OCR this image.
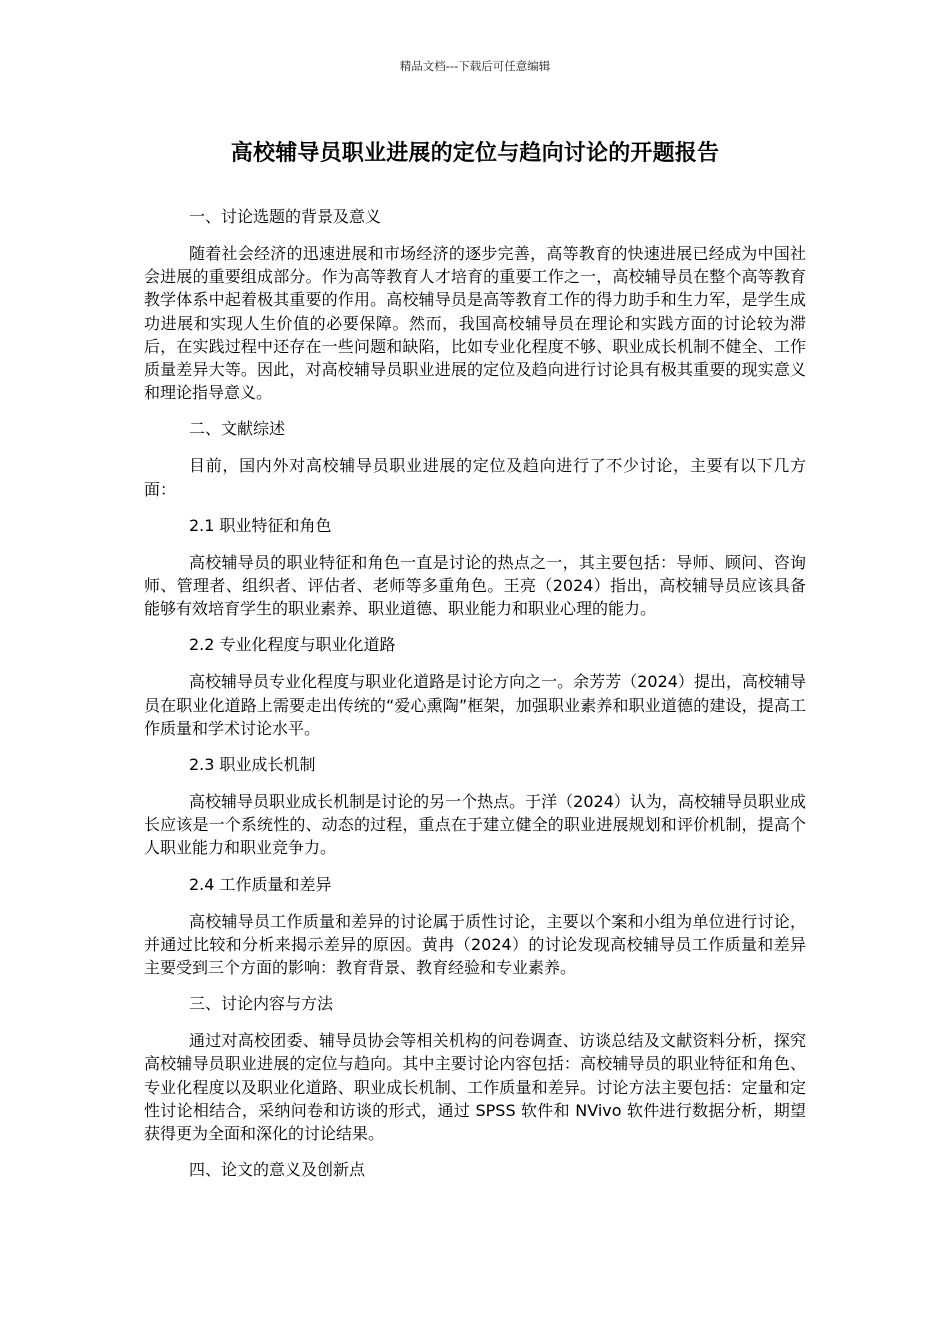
精品文档---下载后可任意编辑
高校辅导员职业进展的定位与趋向讨论的开题报告
一、讨论选题的背景及意义
随着社会经济的迅速进展和市场经济的逐步完善，高等教育的快速进展已经成为中国社会进展的重要组成部分。作为高等教育人才培育的重要工作之一，高校辅导员在整个高等教育教学体系中起着极其重要的作用。高校辅导员是高等教育工作的得力助手和生力军，是学生成功进展和实现人生价值的必要保障。然而，我国高校辅导员在理论和实践方面的讨论较为滞后，在实践过程中还存在一些问题和缺陷，比如专业化程度不够、职业成长机制不健全、工作质量差异大等。因此，对高校辅导员职业进展的定位及趋向进行讨论具有极其重要的现实意义和理论指导意义。
二、文献综述
目前，国内外对高校辅导员职业进展的定位及趋向进行了不少讨论，主要有以下几方面：
2.1 职业特征和角色
高校辅导员的职业特征和角色一直是讨论的热点之一，其主要包括：导师、顾问、咨询师、管理者、组织者、评估者、老师等多重角色。王亮（2024）指出，高校辅导员应该具备能够有效培育学生的职业素养、职业道德、职业能力和职业心理的能力。
2.2 专业化程度与职业化道路
高校辅导员专业化程度与职业化道路是讨论方向之一。余芳芳（2024）提出，高校辅导员在职业化道路上需要走出传统的“爱心熏陶”框架，加强职业素养和职业道德的建设，提高工作质量和学术讨论水平。
2.3 职业成长机制
高校辅导员职业成长机制是讨论的另一个热点。于洋（2024）认为，高校辅导员职业成长应该是一个系统性的、动态的过程，重点在于建立健全的职业进展规划和评价机制，提高个人职业能力和职业竞争力。
2.4 工作质量和差异
高校辅导员工作质量和差异的讨论属于质性讨论，主要以个案和小组为单位进行讨论，并通过比较和分析来揭示差异的原因。黄冉（2024）的讨论发现高校辅导员工作质量和差异主要受到三个方面的影响：教育背景、教育经验和专业素养。
三、讨论内容与方法
通过对高校团委、辅导员协会等相关机构的问卷调查、访谈总结及文献资料分析，探究高校辅导员职业进展的定位与趋向。其中主要讨论内容包括：高校辅导员的职业特征和角色、专业化程度以及职业化道路、职业成长机制、工作质量和差异。讨论方法主要包括：定量和定性讨论相结合，采纳问卷和访谈的形式，通过 SPSS 软件和 NVivo 软件进行数据分析，期望获得更为全面和深化的讨论结果。
四、论文的意义及创新点
